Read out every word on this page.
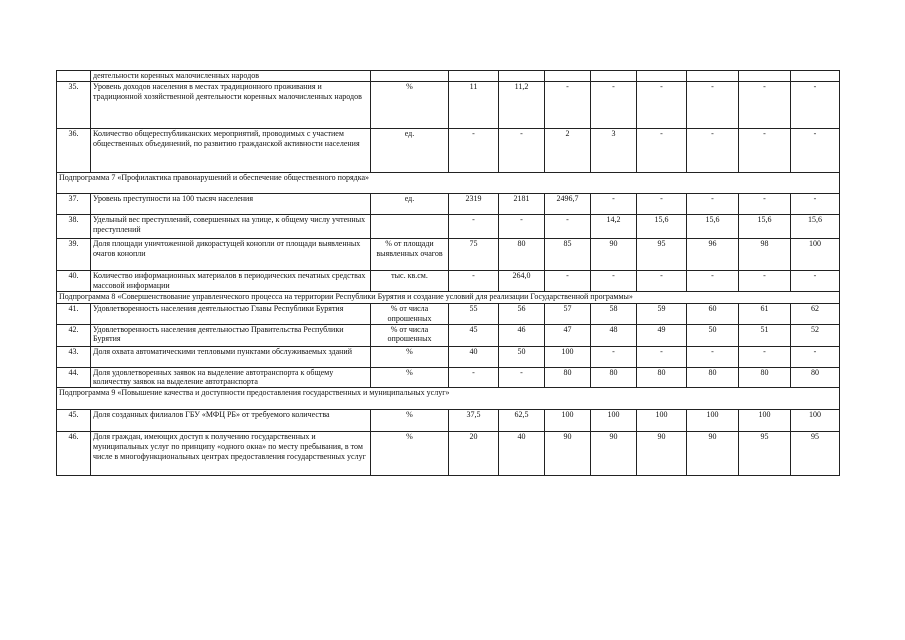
	деятельности коренных малочисленных народов									
35.	Уровень доходов населения в местах традиционного проживания и традиционной хозяйственной деятельности коренных малочисленных народов	%	11	11,2	-	-	-	-	-	-
36.	Количество общереспубликанских мероприятий, проводимых с участием общественных объединений, по развитию гражданской активности населения	ед.	-	-	2	3	-	-	-	-
Подпрограмма 7 «Профилактика правонарушений и обеспечение общественного порядка»										
37.	Уровень преступности на 100 тысяч населения	ед.	2319	2181	2496,7	-	-	-	-	-
38.	Удельный вес преступлений, совершенных на улице, к общему числу учтенных преступлений		-	-	-	14,2	15,6	15,6	15,6	15,6
39.	Доля площади уничтоженной дикорастущей конопли от площади выявленных очагов конопли	% от площади выявленных очагов	75	80	85	90	95	96	98	100
40.	Количество информационных материалов в периодических печатных средствах массовой информации	тыс. кв.см.	-	264,0	-	-	-	-	-	-
Подпрограмма 8 «Совершенствование управленческого процесса на территории Республики Бурятия и создание условий для реализации Государственной программы»										
41.	Удовлетворенность населения деятельностью Главы Республики Бурятия	% от числа опрошенных	55	56	57	58	59	60	61	62
42.	Удовлетворенность населения деятельностью Правительства Республики Бурятия	% от числа опрошенных	45	46	47	48	49	50	51	52
43.	Доля охвата автоматическими тепловыми пунктами обслуживаемых зданий	%	40	50	100	-	-	-	-	-
44.	Доля удовлетворенных заявок на выделение автотранспорта к общему количеству заявок на выделение автотранспорта	%	-	-	80	80	80	80	80	80
Подпрограмма 9 «Повышение качества и доступности предоставления государственных и муниципальных услуг»										
45.	Доля созданных филиалов ГБУ «МФЦ РБ» от требуемого количества	%	37,5	62,5	100	100	100	100	100	100
46.	Доля граждан, имеющих доступ к получению государственных и муниципальных услуг по принципу «одного окна» по месту пребывания, в том числе в многофункциональных центрах предоставления государственных услуг	%	20	40	90	90	90	90	95	95
